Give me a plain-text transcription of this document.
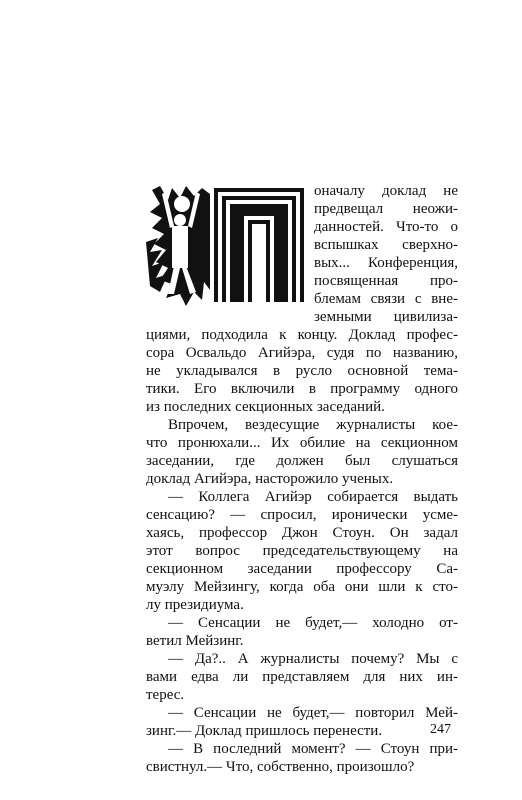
П
оначалу доклад не
предвещал неожи-
данностей. Что-то о
вспышках сверхно-
вых... Конференция,
посвященная про-
блемам связи с вне-
земными цивилиза-
циями, подходила к концу. Доклад профес-
сора Освальдо Агийэра, судя по названию,
не укладывался в русло основной тема-
тики. Его включили в программу одного
из последних секционных заседаний.
Впрочем, вездесущие журналисты кое-
что пронюхали... Их обилие на секционном
заседании, где должен был слушаться
доклад Агийэра, насторожило ученых.
— Коллега Агийэр собирается выдать
сенсацию? — спросил, иронически усме-
хаясь, профессор Джон Стоун. Он задал
этот вопрос председательствующему на
секционном заседании профессору Са-
муэлу Мейзингу, когда оба они шли к сто-
лу президиума.
— Сенсации не будет,— холодно от-
ветил Мейзинг.
— Да?.. А журналисты почему? Мы с
вами едва ли представляем для них ин-
терес.
— Сенсации не будет,— повторил Мей-
зинг.— Доклад пришлось перенести.
— В последний момент? — Стоун при-
свистнул.— Что, собственно, произошло?
247
